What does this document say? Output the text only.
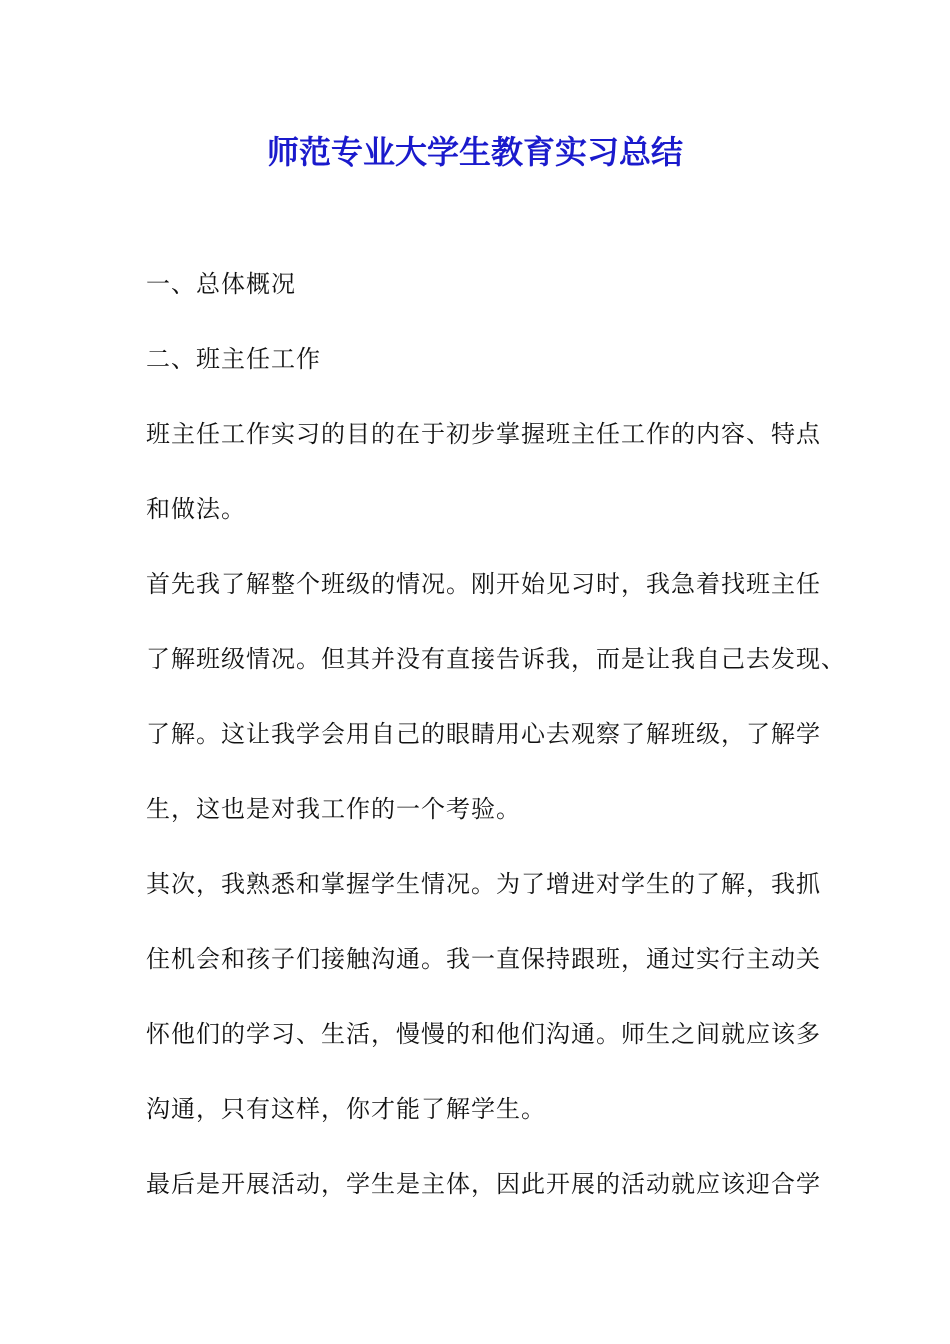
师范专业大学生教育实习总结

一、总体概况

二、班主任工作

班主任工作实习的目的在于初步掌握班主任工作的内容、特点

和做法。

首先我了解整个班级的情况。刚开始见习时，我急着找班主任

了解班级情况。但其并没有直接告诉我，而是让我自己去发现、

了解。这让我学会用自己的眼睛用心去观察了解班级，了解学

生，这也是对我工作的一个考验。

其次，我熟悉和掌握学生情况。为了增进对学生的了解，我抓

住机会和孩子们接触沟通。我一直保持跟班，通过实行主动关

怀他们的学习、生活，慢慢的和他们沟通。师生之间就应该多

沟通，只有这样，你才能了解学生。

最后是开展活动，学生是主体，因此开展的活动就应该迎合学
